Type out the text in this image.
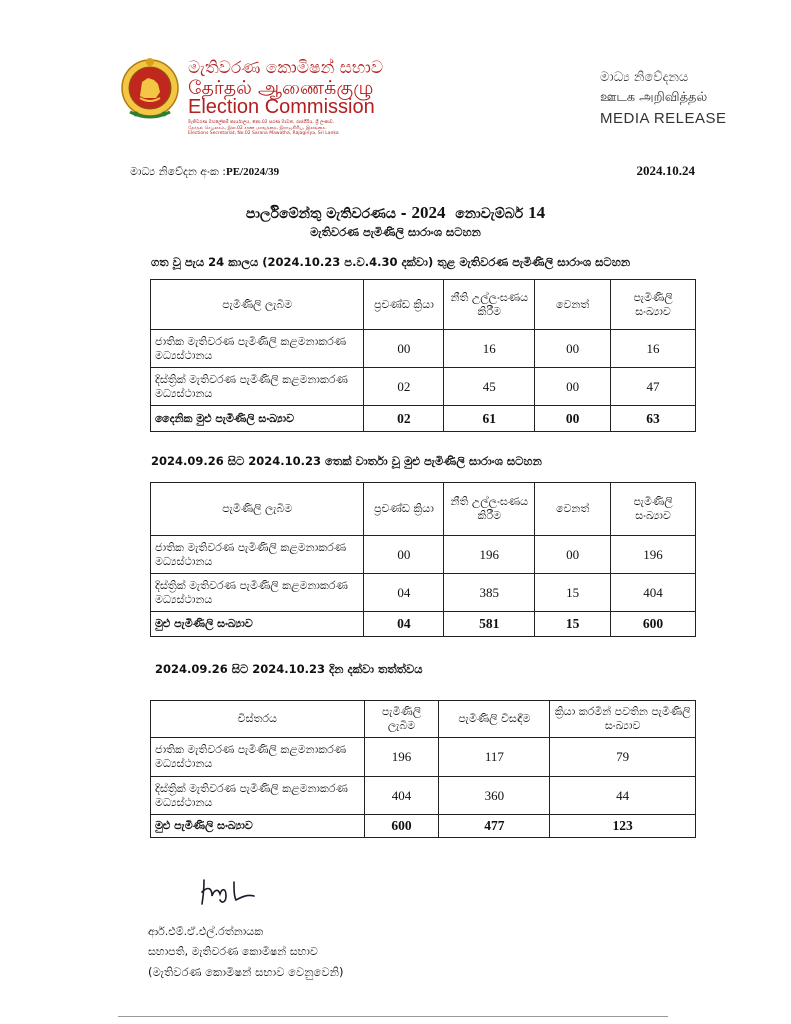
මැතිවරණ කොමිෂන් සභාව
தேர்தல் ஆணைக்குழு
Election Commission
මැතිවරණ මහලේකම් කාර්යාලය, නො.02 සරණ මාවත, රාජගිරිය, ශ්‍රී ලංකාව.
தேர்தல் செயலகம், இல.02 சரண மாவத்தை, இராஜகிரிய, இலங்கை.
Elections Secretariat, No.02 Sarana Mawatha, Rajagiriya, Sri Lanka
මාධ්‍ය නිවේදනය
ஊடக அறிவித்தல்
MEDIA RELEASE
මාධ්‍ය නිවේදන අංක :PE/2024/39	2024.10.24
පාර්ලිමේන්තු මැතිවරණය - 2024 නොවැම්බර් 14
මැතිවරණ පැමිණිලි සාරාංශ සටහන
ගත වූ පැය 24 කාලය (2024.10.23 ප.ව.4.30 දක්වා) තුළ මැතිවරණ පැමිණිලි සාරාංශ සටහන
පැමිණිලි ලැබීම	ප්‍රචණ්ඩ ක්‍රියා	නීති උල්ලංඝණය කිරීම	වෙනත්	පැමිණිලි සංඛ්‍යාව
ජාතික මැතිවරණ පැමිණිලි කළමනාකරණ මධ්‍යස්ථානය	00	16	00	16
දිස්ත්‍රික් මැතිවරණ පැමිණිලි කළමනාකරණ මධ්‍යස්ථානය	02	45	00	47
දෛනික මුළු පැමිණිලි සංඛ්‍යාව	02	61	00	63
2024.09.26 සිට 2024.10.23 තෙක් වාර්තා වූ මුළු පැමිණිලි සාරාංශ සටහන
පැමිණිලි ලැබීම	ප්‍රචණ්ඩ ක්‍රියා	නීති උල්ලංඝණය කිරීම	වෙනත්	පැමිණිලි සංඛ්‍යාව
ජාතික මැතිවරණ පැමිණිලි කළමනාකරණ මධ්‍යස්ථානය	00	196	00	196
දිස්ත්‍රික් මැතිවරණ පැමිණිලි කළමනාකරණ මධ්‍යස්ථානය	04	385	15	404
මුළු පැමිණිලි සංඛ්‍යාව	04	581	15	600
2024.09.26 සිට 2024.10.23 දින දක්වා තත්ත්වය
විස්තරය	පැමිණිලි ලැබීම	පැමිණිලි විසඳීම	ක්‍රියා කරමින් පවතින පැමිණිලි සංඛ්‍යාව
ජාතික මැතිවරණ පැමිණිලි කළමනාකරණ මධ්‍යස්ථානය	196	117	79
දිස්ත්‍රික් මැතිවරණ පැමිණිලි කළමනාකරණ මධ්‍යස්ථානය	404	360	44
මුළු පැමිණිලි සංඛ්‍යාව	600	477	123
ආර්.එම්.ඒ.එල්.රත්නායක
සභාපති, මැතිවරණ කොමිෂන් සභාව
(මැතිවරණ කොමිෂන් සභාව වෙනුවෙනි)
